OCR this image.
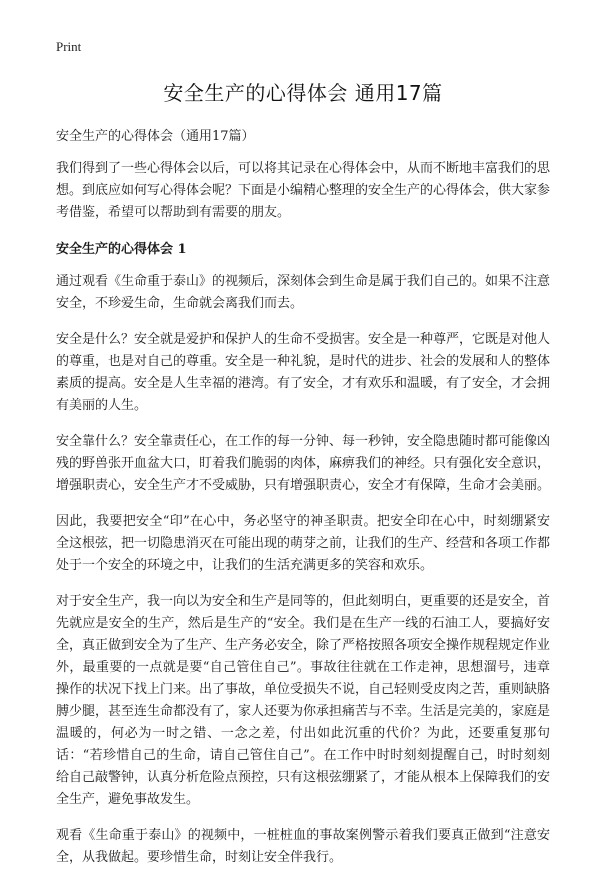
Print
安全生产的心得体会 通用17篇
安全生产的心得体会（通用17篇）

我们得到了一些心得体会以后，可以将其记录在心得体会中，从而不断地丰富我们的思想。到底应如何写心得体会呢？下面是小编精心整理的安全生产的心得体会，供大家参考借鉴，希望可以帮助到有需要的朋友。

安全生产的心得体会 1

通过观看《生命重于泰山》的视频后，深刻体会到生命是属于我们自己的。如果不注意安全，不珍爱生命，生命就会离我们而去。

安全是什么？安全就是爱护和保护人的生命不受损害。安全是一种尊严，它既是对他人的尊重，也是对自己的尊重。安全是一种礼貌，是时代的进步、社会的发展和人的整体素质的提高。安全是人生幸福的港湾。有了安全，才有欢乐和温暖，有了安全，才会拥有美丽的人生。

安全靠什么？安全靠责任心，在工作的每一分钟、每一秒钟，安全隐患随时都可能像凶残的野兽张开血盆大口，盯着我们脆弱的肉体，麻痹我们的神经。只有强化安全意识，增强职责心，安全生产才不受威胁，只有增强职责心，安全才有保障，生命才会美丽。

因此，我要把安全“印”在心中，务必坚守的神圣职责。把安全印在心中，时刻绷紧安全这根弦，把一切隐患消灭在可能出现的萌芽之前，让我们的生产、经营和各项工作都处于一个安全的环境之中，让我们的生活充满更多的笑容和欢乐。

对于安全生产，我一向以为安全和生产是同等的，但此刻明白，更重要的还是安全，首先就应是安全的生产，然后是生产的“安全。我们是在生产一线的石油工人，要搞好安全，真正做到安全为了生产、生产务必安全，除了严格按照各项安全操作规程规定作业外，最重要的一点就是要“自己管住自己”。事故往往就在工作走神，思想溜号，违章操作的状况下找上门来。出了事故，单位受损失不说，自己轻则受皮肉之苦，重则缺胳膊少腿，甚至连生命都没有了，家人还要为你承担痛苦与不幸。生活是完美的，家庭是温暖的，何必为一时之错、一念之差，付出如此沉重的代价？为此，还要重复那句话：“若珍惜自己的生命，请自己管住自己”。在工作中时时刻刻提醒自己，时时刻刻给自己敲警钟，认真分析危险点预控，只有这根弦绷紧了，才能从根本上保障我们的安全生产，避免事故发生。

观看《生命重于泰山》的视频中，一桩桩血的事故案例警示着我们要真正做到“注意安全，从我做起。要珍惜生命，时刻让安全伴我行。
